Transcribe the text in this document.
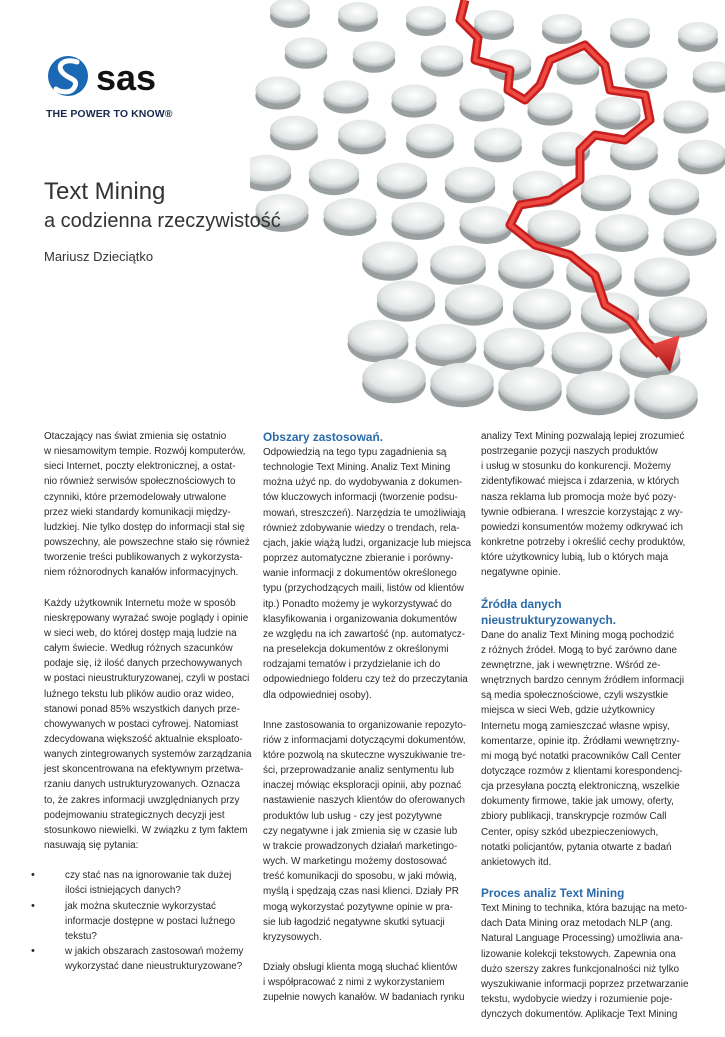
sas
THE POWER TO KNOW®
Text Mining
a codzienna rzeczywistość
Mariusz Dzieciątko

Otaczający nas świat zmienia się ostatnio
w niesamowitym tempie. Rozwój komputerów,
sieci Internet, poczty elektronicznej, a ostat-
nio również serwisów społecznościowych to
czynniki, które przemodelowały utrwalone
przez wieki standardy komunikacji między-
ludzkiej. Nie tylko dostęp do informacji stał się
powszechny, ale powszechne stało się również
tworzenie treści publikowanych z wykorzysta-
niem różnorodnych kanałów informacyjnych.

Każdy użytkownik Internetu może w sposób
nieskrępowany wyrażać swoje poglądy i opinie
w sieci web, do której dostęp mają ludzie na
całym świecie. Według różnych szacunków
podaje się, iż ilość danych przechowywanych
w postaci nieustrukturyzowanej, czyli w postaci
luźnego tekstu lub plików audio oraz wideo,
stanowi ponad 85% wszystkich danych prze-
chowywanych w postaci cyfrowej. Natomiast
zdecydowana większość aktualnie eksploato-
wanych zintegrowanych systemów zarządzania
jest skoncentrowana na efektywnym przetwa-
rzaniu danych ustrukturyzowanych. Oznacza
to, że zakres informacji uwzględnianych przy
podejmowaniu strategicznych decyzji jest
stosunkowo niewielki. W związku z tym faktem
nasuwają się pytania:

• czy stać nas na ignorowanie tak dużej
ilości istniejących danych?
• jak można skutecznie wykorzystać
informacje dostępne w postaci luźnego
tekstu?
• w jakich obszarach zastosowań możemy
wykorzystać dane nieustrukturyzowane?
Obszary zastosowań.

Odpowiedzią na tego typu zagadnienia są
technologie Text Mining. Analiz Text Mining
można użyć np. do wydobywania z dokumen-
tów kluczowych informacji (tworzenie podsu-
mowań, streszczeń). Narzędzia te umożliwiają
również zdobywanie wiedzy o trendach, rela-
cjach, jakie wiążą ludzi, organizacje lub miejsca
poprzez automatyczne zbieranie i porówny-
wanie informacji z dokumentów określonego
typu (przychodzących maili, listów od klientów
itp.) Ponadto możemy je wykorzystywać do
klasyfikowania i organizowania dokumentów
ze względu na ich zawartość (np. automatycz-
na preselekcja dokumentów z określonymi
rodzajami tematów i przydzielanie ich do
odpowiedniego folderu czy też do przeczytania
dla odpowiedniej osoby).

Inne zastosowania to organizowanie repozyto-
riów z informacjami dotyczącymi dokumentów,
które pozwolą na skuteczne wyszukiwanie tre-
ści, przeprowadzanie analiz sentymentu lub
inaczej mówiąc eksploracji opinii, aby poznać
nastawienie naszych klientów do oferowanych
produktów lub usług - czy jest pozytywne
czy negatywne i jak zmienia się w czasie lub
w trakcie prowadzonych działań marketingo-
wych. W marketingu możemy dostosować
treść komunikacji do sposobu, w jaki mówią,
myślą i spędzają czas nasi klienci. Działy PR
mogą wykorzystać pozytywne opinie w pra-
sie lub łagodzić negatywne skutki sytuacji
kryzysowych.

Działy obsługi klienta mogą słuchać klientów
i współpracować z nimi z wykorzystaniem
zupełnie nowych kanałów. W badaniach rynku

analizy Text Mining pozwalają lepiej zrozumieć
postrzeganie pozycji naszych produktów
i usług w stosunku do konkurencji. Możemy
zidentyfikować miejsca i zdarzenia, w których
nasza reklama lub promocja może być pozy-
tywnie odbierana. I wreszcie korzystając z wy-
powiedzi konsumentów możemy odkrywać ich
konkretne potrzeby i określić cechy produktów,
które użytkownicy lubią, lub o których maja
negatywne opinie.

Źródła danych nieustrukturyzowanych.

Dane do analiz Text Mining mogą pochodzić
z różnych źródeł. Mogą to być zarówno dane
zewnętrzne, jak i wewnętrzne. Wśród ze-
wnętrznych bardzo cennym źródłem informacji
są media społecznościowe, czyli wszystkie
miejsca w sieci Web, gdzie użytkownicy
Internetu mogą zamieszczać własne wpisy,
komentarze, opinie itp. Źródłami wewnętrzny-
mi mogą być notatki pracowników Call Center
dotyczące rozmów z klientami korespondencj-
cja przesyłana pocztą elektroniczną, wszelkie
dokumenty firmowe, takie jak umowy, oferty,
zbiory publikacji, transkrypcje rozmów Call
Center, opisy szkód ubezpieczeniowych,
notatki policjantów, pytania otwarte z badań
ankietowych itd.

Proces analiz Text Mining

Text Mining to technika, która bazując na meto-
dach Data Mining oraz metodach NLP (ang.
Natural Language Processing) umożliwia ana-
lizowanie kolekcji tekstowych. Zapewnia ona
dużo szerszy zakres funkcjonalności niż tylko
wyszukiwanie informacji poprzez przetwarzanie
tekstu, wydobycie wiedzy i rozumienie poje-
dynczych dokumentów. Aplikacje Text Mining
